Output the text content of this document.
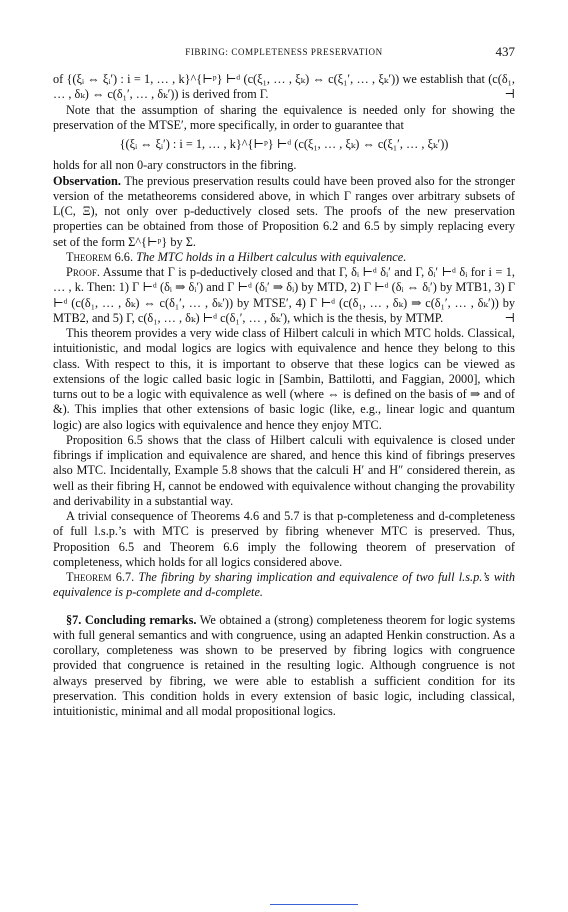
FIBRING: COMPLETENESS PRESERVATION	437

of {(ξᵢ ⇔ ξᵢ′) : i = 1, … , k}^{⊢ᵖ} ⊢ᵈ (c(ξ₁, … , ξₖ) ⇔ c(ξ₁′, … , ξₖ′)) we establish that (c(δ₁, … , δₖ) ⇔ c(δ₁′, … , δₖ′)) is derived from Γ.	⊣

Note that the assumption of sharing the equivalence is needed only for showing the preservation of the MTSE′, more specifically, in order to guarantee that

{(ξᵢ ⇔ ξᵢ′) : i = 1, … , k}^{⊢ᵖ} ⊢ᵈ (c(ξ₁, … , ξₖ) ⇔ c(ξ₁′, … , ξₖ′))

holds for all non 0-ary constructors in the fibring.

Observation. The previous preservation results could have been proved also for the stronger version of the metatheorems considered above, in which Γ ranges over arbitrary subsets of L(C, Ξ), not only over p-deductively closed sets. The proofs of the new preservation properties can be obtained from those of Proposition 6.2 and 6.5 by simply replacing every set of the form Σ^{⊢ᵖ} by Σ.

Theorem 6.6. The MTC holds in a Hilbert calculus with equivalence.

Proof. Assume that Γ is p-deductively closed and that Γ, δᵢ ⊢ᵈ δᵢ′ and Γ, δᵢ′ ⊢ᵈ δᵢ for i = 1, … , k. Then: 1) Γ ⊢ᵈ (δᵢ ⇒ δᵢ′) and Γ ⊢ᵈ (δᵢ′ ⇒ δᵢ) by MTD, 2) Γ ⊢ᵈ (δᵢ ⇔ δᵢ′) by MTB1, 3) Γ ⊢ᵈ (c(δ₁, … , δₖ) ⇔ c(δ₁′, … , δₖ′)) by MTSE′, 4) Γ ⊢ᵈ (c(δ₁, … , δₖ) ⇒ c(δ₁′, … , δₖ′)) by MTB2, and 5) Γ, c(δ₁, … , δₖ) ⊢ᵈ c(δ₁′, … , δₖ′), which is the thesis, by MTMP.	⊣

This theorem provides a very wide class of Hilbert calculi in which MTC holds. Classical, intuitionistic, and modal logics are logics with equivalence and hence they belong to this class. With respect to this, it is important to observe that these logics can be viewed as extensions of the logic called basic logic in [Sambin, Battilotti, and Faggian, 2000], which turns out to be a logic with equivalence as well (where ⇔ is defined on the basis of ⇒ and of &). This implies that other extensions of basic logic (like, e.g., linear logic and quantum logic) are also logics with equivalence and hence they enjoy MTC.

Proposition 6.5 shows that the class of Hilbert calculi with equivalence is closed under fibrings if implication and equivalence are shared, and hence this kind of fibrings preserves also MTC. Incidentally, Example 5.8 shows that the calculi H′ and H″ considered therein, as well as their fibring H, cannot be endowed with equivalence without changing the provability and derivability in a substantial way.

A trivial consequence of Theorems 4.6 and 5.7 is that p-completeness and d-completeness of full l.s.p.’s with MTC is preserved by fibring whenever MTC is preserved. Thus, Proposition 6.5 and Theorem 6.6 imply the following theorem of preservation of completeness, which holds for all logics considered above.

Theorem 6.7. The fibring by sharing implication and equivalence of two full l.s.p.’s with equivalence is p-complete and d-complete.

§7. Concluding remarks. We obtained a (strong) completeness theorem for logic systems with full general semantics and with congruence, using an adapted Henkin construction. As a corollary, completeness was shown to be preserved by fibring logics with congruence provided that congruence is retained in the resulting logic. Although congruence is not always preserved by fibring, we were able to establish a sufficient condition for its preservation. This condition holds in every extension of basic logic, including classical, intuitionistic, minimal and all modal propositional logics.
